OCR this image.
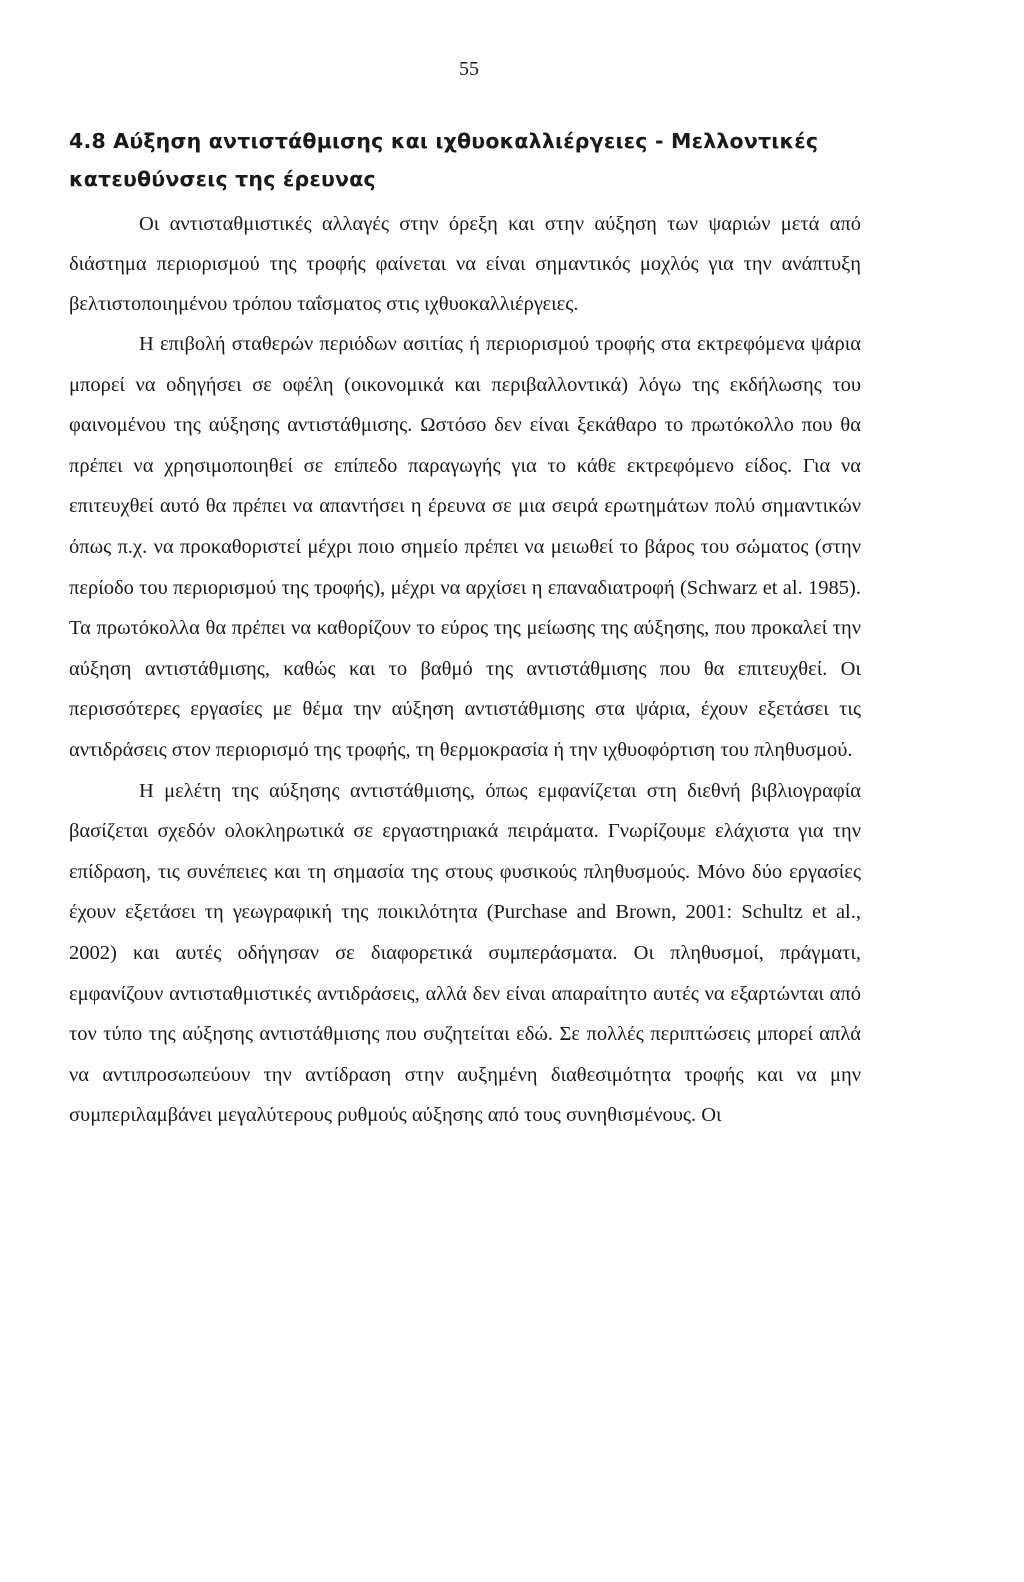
55
4.8 Αύξηση αντιστάθμισης και ιχθυοκαλλιέργειες - Μελλοντικές κατευθύνσεις της έρευνας

Οι αντισταθμιστικές αλλαγές στην όρεξη και στην αύξηση των ψαριών μετά από διάστημα περιορισμού της τροφής φαίνεται να είναι σημαντικός μοχλός για την ανάπτυξη βελτιστοποιημένου τρόπου ταΐσματος στις ιχθυοκαλλιέργειες.

Η επιβολή σταθερών περιόδων ασιτίας ή περιορισμού τροφής στα εκτρεφόμενα ψάρια μπορεί να οδηγήσει σε οφέλη (οικονομικά και περιβαλλοντικά) λόγω της εκδήλωσης του φαινομένου της αύξησης αντιστάθμισης. Ωστόσο δεν είναι ξεκάθαρο το πρωτόκολλο που θα πρέπει να χρησιμοποιηθεί σε επίπεδο παραγωγής για το κάθε εκτρεφόμενο είδος. Για να επιτευχθεί αυτό θα πρέπει να απαντήσει η έρευνα σε μια σειρά ερωτημάτων πολύ σημαντικών όπως π.χ. να προκαθοριστεί μέχρι ποιο σημείο πρέπει να μειωθεί το βάρος του σώματος (στην περίοδο του περιορισμού της τροφής), μέχρι να αρχίσει η επαναδιατροφή (Schwarz et al. 1985). Τα πρωτόκολλα θα πρέπει να καθορίζουν το εύρος της μείωσης της αύξησης, που προκαλεί την αύξηση αντιστάθμισης, καθώς και το βαθμό της αντιστάθμισης που θα επιτευχθεί. Οι περισσότερες εργασίες με θέμα την αύξηση αντιστάθμισης στα ψάρια, έχουν εξετάσει τις αντιδράσεις στον περιορισμό της τροφής, τη θερμοκρασία ή την ιχθυοφόρτιση του πληθυσμού.

Η μελέτη της αύξησης αντιστάθμισης, όπως εμφανίζεται στη διεθνή βιβλιογραφία βασίζεται σχεδόν ολοκληρωτικά σε εργαστηριακά πειράματα. Γνωρίζουμε ελάχιστα για την επίδραση, τις συνέπειες και τη σημασία της στους φυσικούς πληθυσμούς. Μόνο δύο εργασίες έχουν εξετάσει τη γεωγραφική της ποικιλότητα (Purchase and Brown, 2001: Schultz et al., 2002) και αυτές οδήγησαν σε διαφορετικά συμπεράσματα. Οι πληθυσμοί, πράγματι, εμφανίζουν αντισταθμιστικές αντιδράσεις, αλλά δεν είναι απαραίτητο αυτές να εξαρτώνται από τον τύπο της αύξησης αντιστάθμισης που συζητείται εδώ. Σε πολλές περιπτώσεις μπορεί απλά να αντιπροσωπεύουν την αντίδραση στην αυξημένη διαθεσιμότητα τροφής και να μην συμπεριλαμβάνει μεγαλύτερους ρυθμούς αύξησης από τους συνηθισμένους. Οι
